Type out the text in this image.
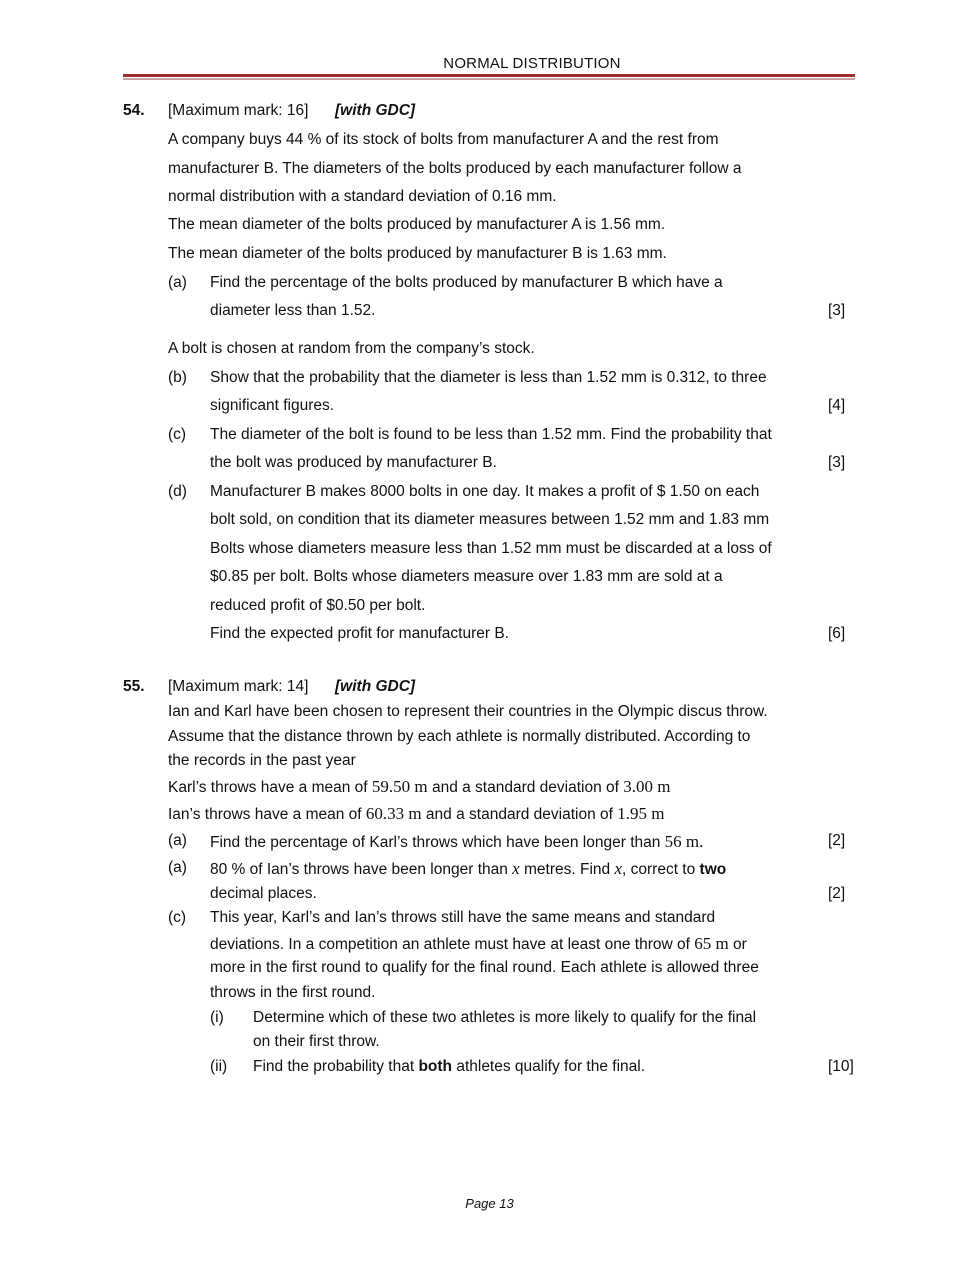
NORMAL DISTRIBUTION
54. [Maximum mark: 16] [with GDC]
A company buys 44 % of its stock of bolts from manufacturer A and the rest from
manufacturer B. The diameters of the bolts produced by each manufacturer follow a
normal distribution with a standard deviation of 0.16 mm.
The mean diameter of the bolts produced by manufacturer A is 1.56 mm.
The mean diameter of the bolts produced by manufacturer B is 1.63 mm.
(a) Find the percentage of the bolts produced by manufacturer B which have a
diameter less than 1.52.	[3]
A bolt is chosen at random from the company’s stock.
(b) Show that the probability that the diameter is less than 1.52 mm is 0.312, to three
significant figures.	[4]
(c) The diameter of the bolt is found to be less than 1.52 mm. Find the probability that
the bolt was produced by manufacturer B.	[3]
(d) Manufacturer B makes 8000 bolts in one day. It makes a profit of $ 1.50 on each
bolt sold, on condition that its diameter measures between 1.52 mm and 1.83 mm
Bolts whose diameters measure less than 1.52 mm must be discarded at a loss of
$0.85 per bolt. Bolts whose diameters measure over 1.83 mm are sold at a
reduced profit of $0.50 per bolt.
Find the expected profit for manufacturer B.	[6]
55. [Maximum mark: 14] [with GDC]
Ian and Karl have been chosen to represent their countries in the Olympic discus throw.
Assume that the distance thrown by each athlete is normally distributed. According to
the records in the past year
Karl’s throws have a mean of 59.50 m and a standard deviation of 3.00 m
Ian’s throws have a mean of 60.33 m and a standard deviation of 1.95 m
(a) Find the percentage of Karl’s throws which have been longer than 56 m.	[2]
(a) 80 % of Ian’s throws have been longer than x metres. Find x, correct to two
decimal places.	[2]
(c) This year, Karl’s and Ian’s throws still have the same means and standard
deviations. In a competition an athlete must have at least one throw of 65 m or
more in the first round to qualify for the final round. Each athlete is allowed three
throws in the first round.
(i) Determine which of these two athletes is more likely to qualify for the final
on their first throw.
(ii) Find the probability that both athletes qualify for the final.	[10]
Page 13
